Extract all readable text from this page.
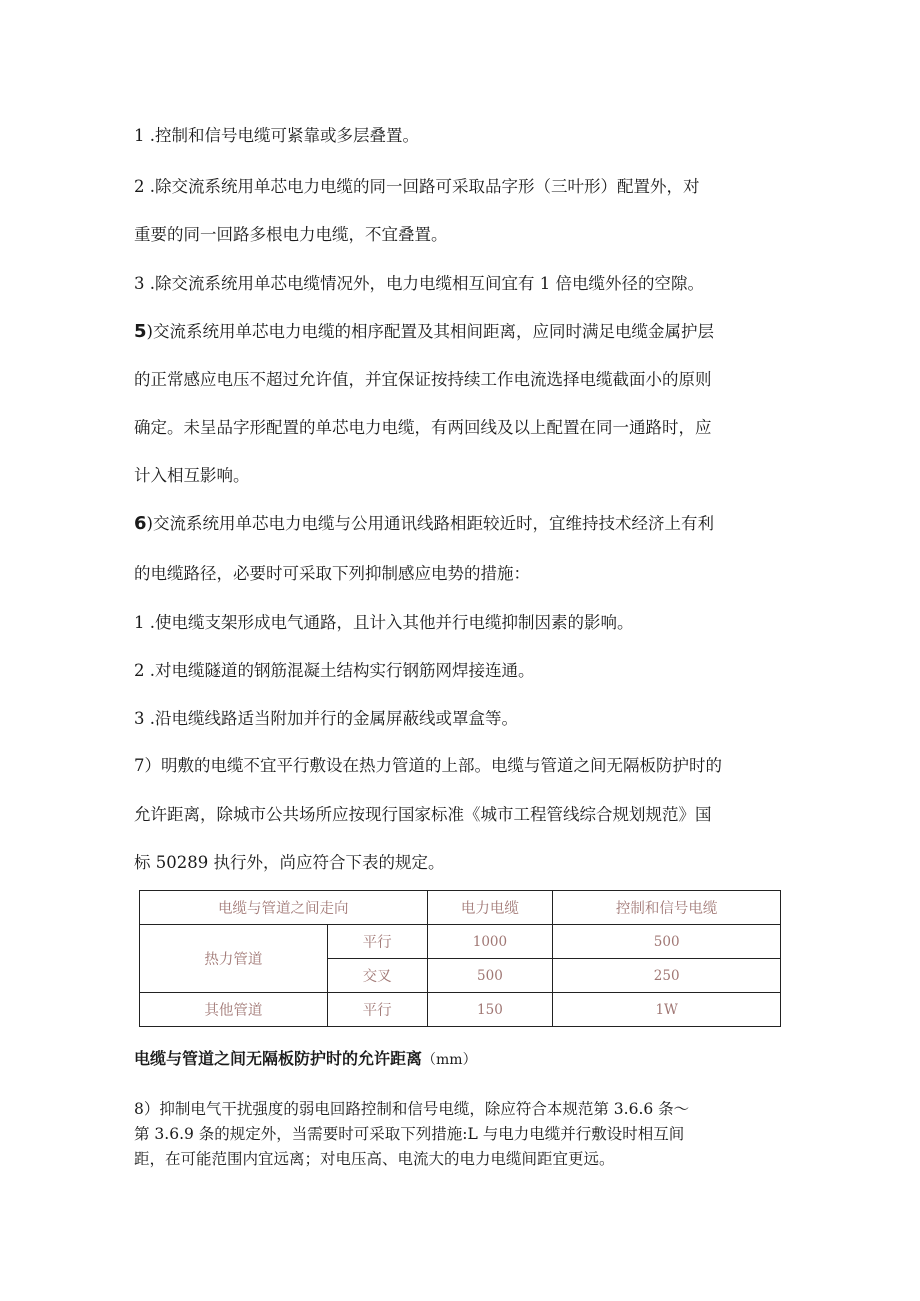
1 .控制和信号电缆可紧靠或多层叠置。

2 .除交流系统用单芯电力电缆的同一回路可采取品字形（三叶形）配置外，对

重要的同一回路多根电力电缆，不宜叠置。

3 .除交流系统用单芯电缆情况外，电力电缆相互间宜有 1 倍电缆外径的空隙。

5)交流系统用单芯电力电缆的相序配置及其相间距离，应同时满足电缆金属护层

的正常感应电压不超过允许值，并宜保证按持续工作电流选择电缆截面小的原则

确定。未呈品字形配置的单芯电力电缆，有两回线及以上配置在同一通路时，应

计入相互影响。

6)交流系统用单芯电力电缆与公用通讯线路相距较近时，宜维持技术经济上有利

的电缆路径，必要时可采取下列抑制感应电势的措施：

1 .使电缆支架形成电气通路，且计入其他并行电缆抑制因素的影响。

2 .对电缆隧道的钢筋混凝土结构实行钢筋网焊接连通。

3 .沿电缆线路适当附加并行的金属屏蔽线或罩盒等。

7）明敷的电缆不宜平行敷设在热力管道的上部。电缆与管道之间无隔板防护时的

允许距离，除城市公共场所应按现行国家标准《城市工程管线综合规划规范》国

标 50289 执行外，尚应符合下表的规定。

电缆与管道之间走向		电力电缆	控制和信号电缆
热力管道	平行	1000	500
	交叉	500	250
其他管道	平行	150	1W
电缆与管道之间无隔板防护时的允许距离（mm）

8）抑制电气干扰强度的弱电回路控制和信号电缆，除应符合本规范第 3.6.6 条～

第 3.6.9 条的规定外，当需要时可采取下列措施:L 与电力电缆并行敷设时相互间

距，在可能范围内宜远离；对电压高、电流大的电力电缆间距宜更远。
